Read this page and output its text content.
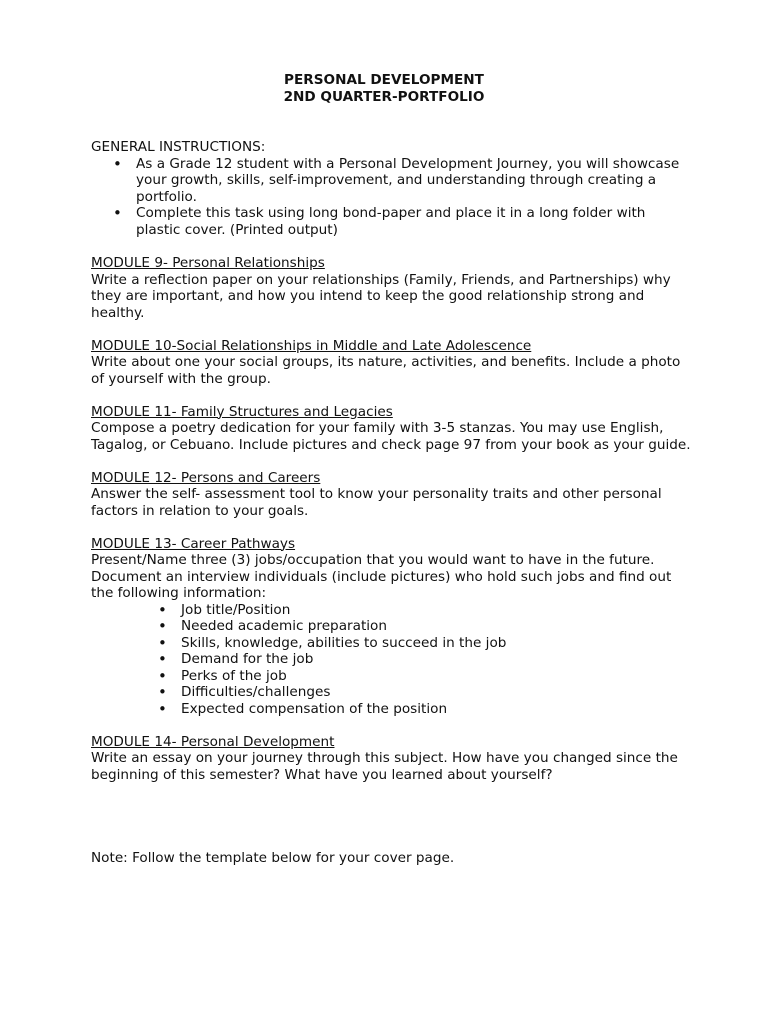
PERSONAL DEVELOPMENT

2ND QUARTER-PORTFOLIO

GENERAL INSTRUCTIONS:

• As a Grade 12 student with a Personal Development Journey, you will showcase your growth, skills, self-improvement, and understanding through creating a portfolio.
• Complete this task using long bond-paper and place it in a long folder with plastic cover. (Printed output)

MODULE 9- Personal Relationships

Write a reflection paper on your relationships (Family, Friends, and Partnerships) why they are important, and how you intend to keep the good relationship strong and healthy.

MODULE 10-Social Relationships in Middle and Late Adolescence

Write about one your social groups, its nature, activities, and benefits. Include a photo of yourself with the group.

MODULE 11- Family Structures and Legacies

Compose a poetry dedication for your family with 3-5 stanzas. You may use English, Tagalog, or Cebuano. Include pictures and check page 97 from your book as your guide.

MODULE 12- Persons and Careers

Answer the self- assessment tool to know your personality traits and other personal factors in relation to your goals.

MODULE 13- Career Pathways

Present/Name three (3) jobs/occupation that you would want to have in the future. Document an interview individuals (include pictures) who hold such jobs and find out the following information:

• Job title/Position
• Needed academic preparation
• Skills, knowledge, abilities to succeed in the job
• Demand for the job
• Perks of the job
• Difficulties/challenges
• Expected compensation of the position

MODULE 14- Personal Development

Write an essay on your journey through this subject. How have you changed since the beginning of this semester? What have you learned about yourself?

Note: Follow the template below for your cover page.
